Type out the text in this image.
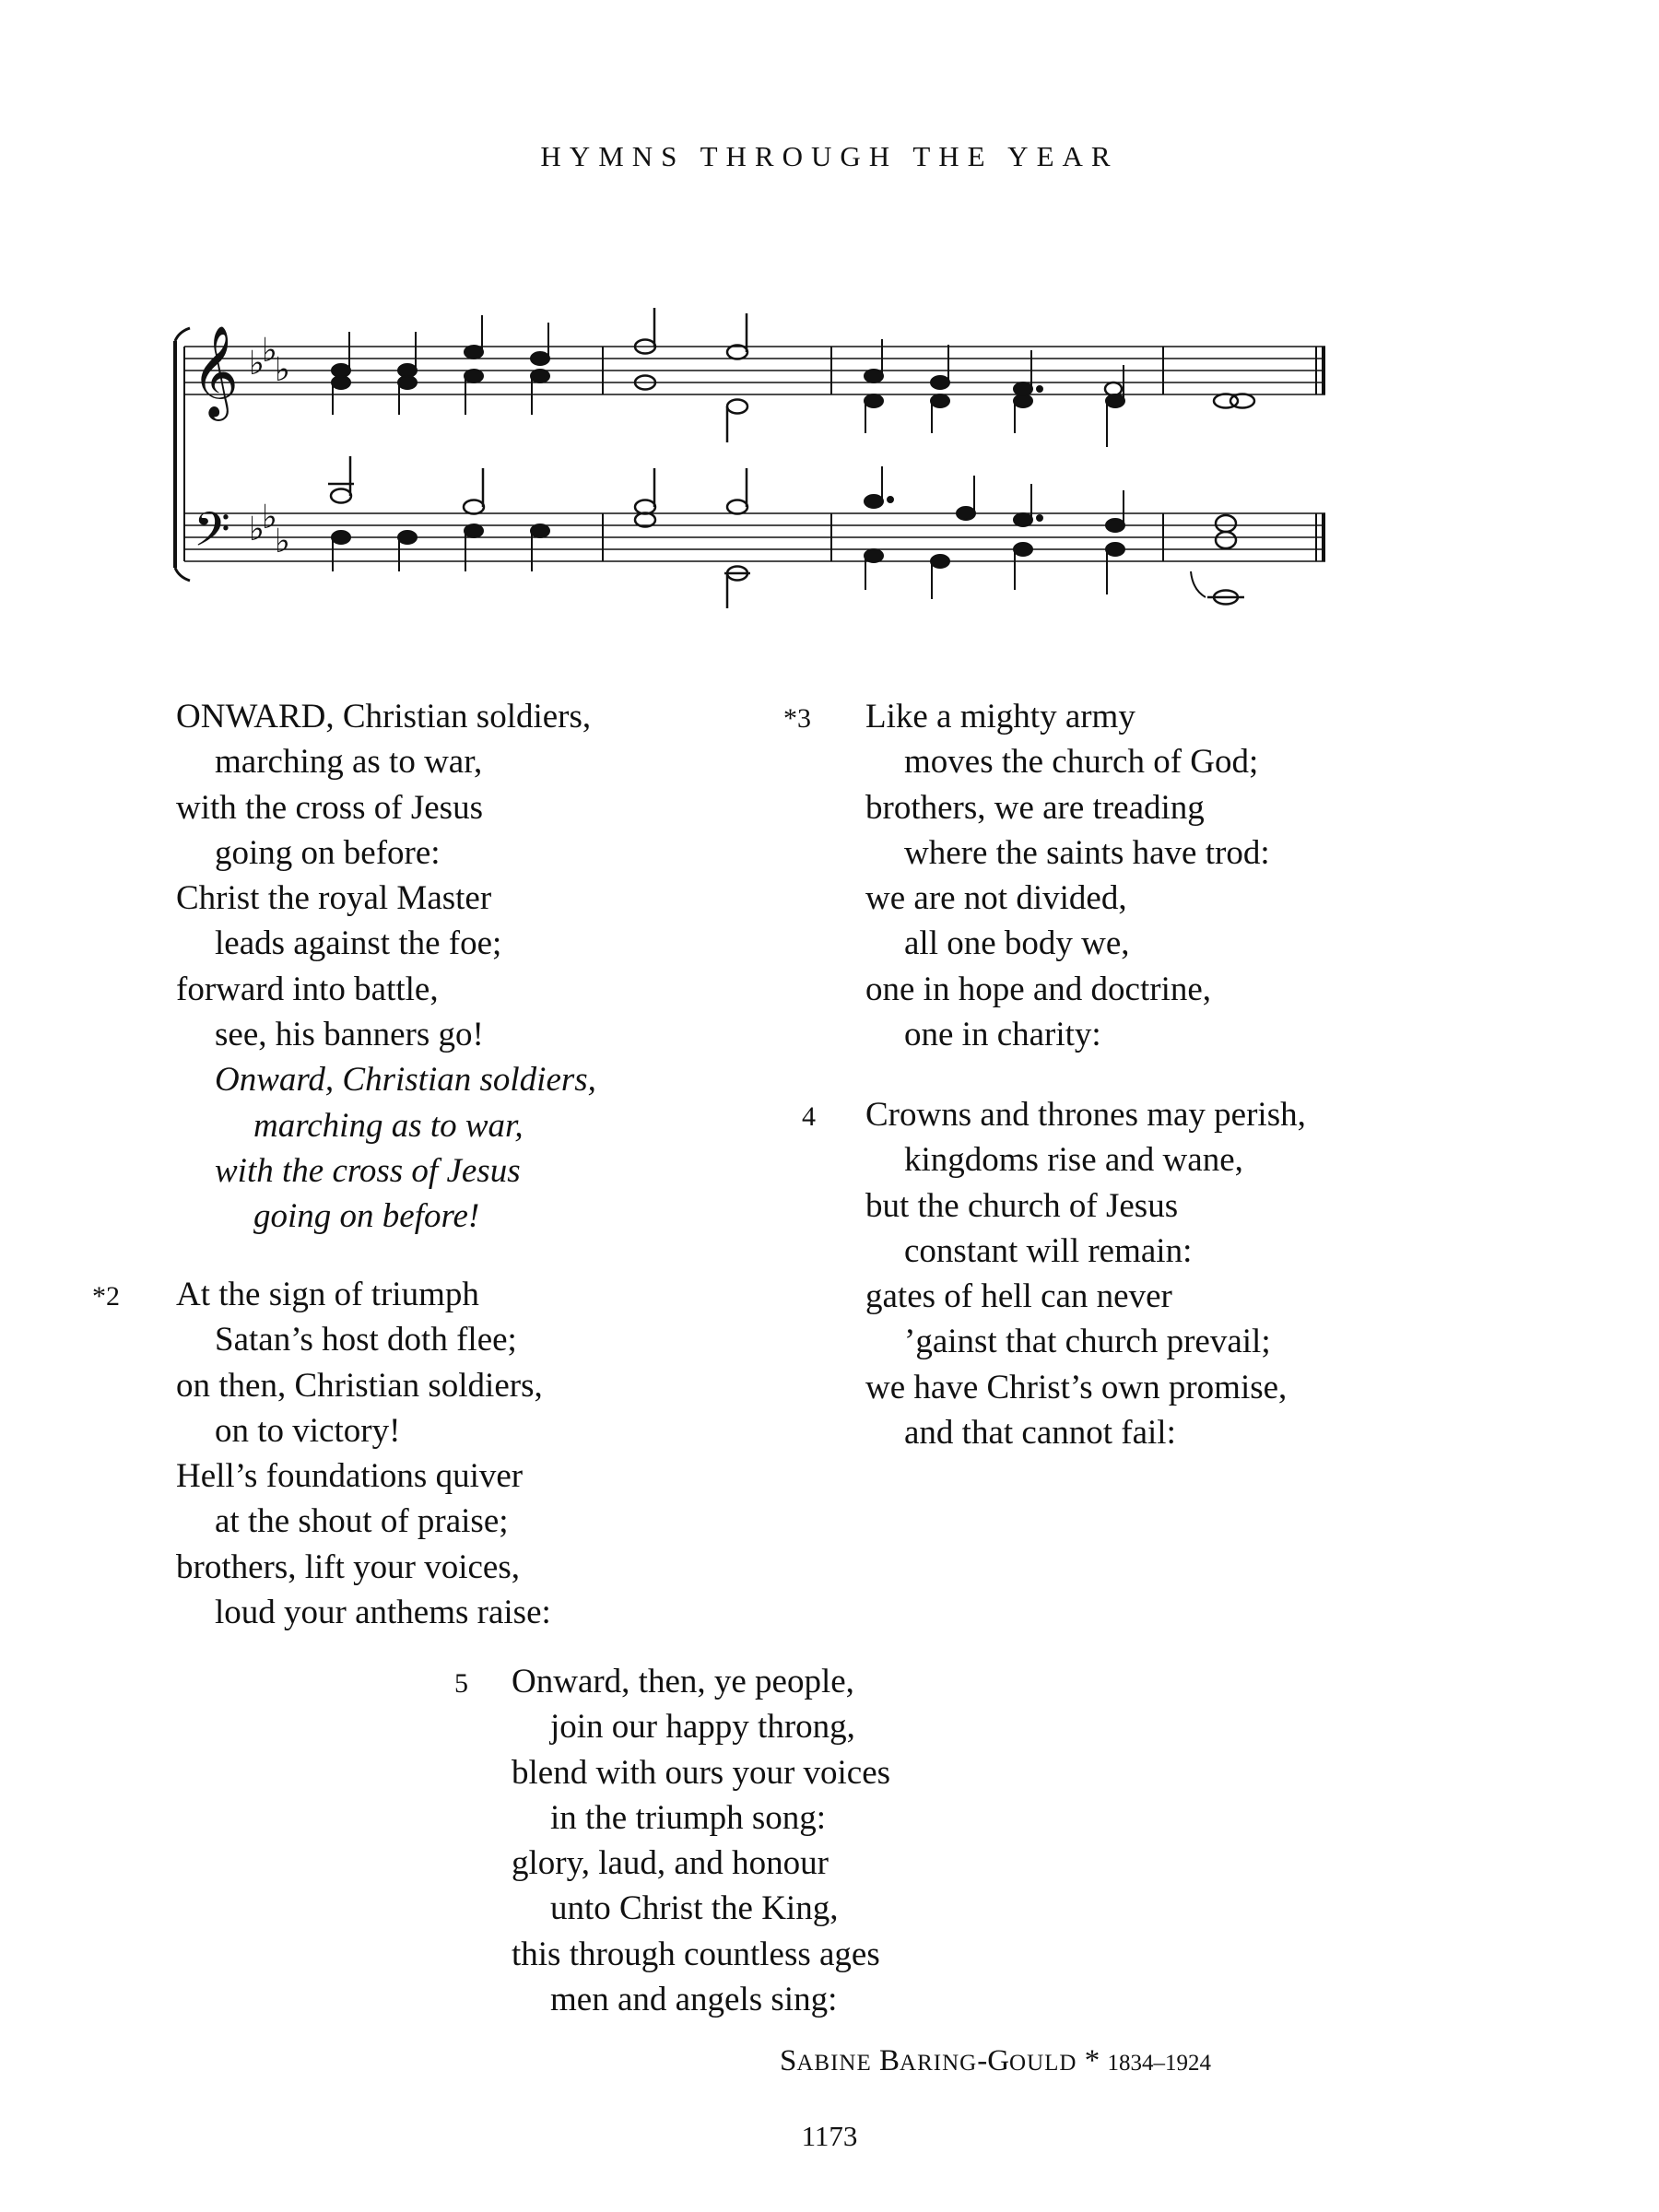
HYMNS THROUGH THE YEAR
𝄞
𝄢
♭
♭
♭
♭
♭
♭
ONWARD, Christian soldiers,
marching as to war,
with the cross of Jesus
going on before:
Christ the royal Master
leads against the foe;
forward into battle,
see, his banners go!
Onward, Christian soldiers,
marching as to war,
with the cross of Jesus
going on before!
*2 At the sign of triumph
Satan’s host doth flee;
on then, Christian soldiers,
on to victory!
Hell’s foundations quiver
at the shout of praise;
brothers, lift your voices,
loud your anthems raise:
*3 Like a mighty army
moves the church of God;
brothers, we are treading
where the saints have trod:
we are not divided,
all one body we,
one in hope and doctrine,
one in charity:
4 Crowns and thrones may perish,
kingdoms rise and wane,
but the church of Jesus
constant will remain:
gates of hell can never
’gainst that church prevail;
we have Christ’s own promise,
and that cannot fail:
5 Onward, then, ye people,
join our happy throng,
blend with ours your voices
in the triumph song:
glory, laud, and honour
unto Christ the King,
this through countless ages
men and angels sing:
SABINE BARING-GOULD * 1834–1924
1173
